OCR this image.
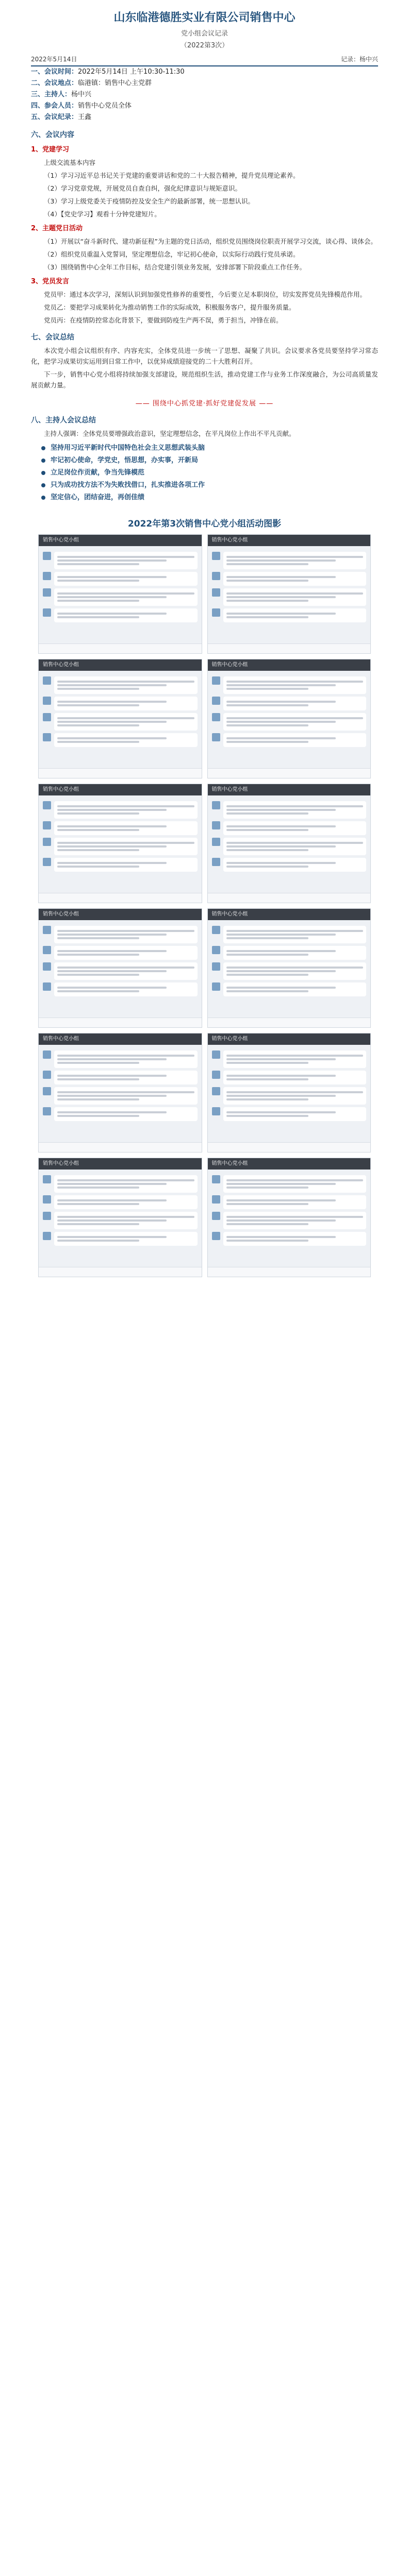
山东临港德胜实业有限公司销售中心
党小组会议记录
（2022第3次）
2022年5月14日	记录：杨中兴
一、会议时间：2022年5月14日 上午10:30-11:30
二、会议地点：临港镇：销售中心主党群
三、主持人：杨中兴
四、参会人员：销售中心党员全体
五、会议纪录：王鑫
六、会议内容
1、党建学习

上级交流基本内容

（1）学习习近平总书记关于党建的重要讲话和党的二十大报告精神，提升党员理论素养。

（2）学习党章党规，开展党员自查自纠，强化纪律意识与规矩意识。

（3）学习上级党委关于疫情防控及安全生产的最新部署，统一思想认识。

（4）【党史学习】观看十分钟党建短片。

2、主题党日活动

（1）开展以“奋斗新时代、建功新征程”为主题的党日活动，组织党员围绕岗位职责开展学习交流，谈心得、谈体会。

（2）组织党员重温入党誓词，坚定理想信念，牢记初心使命，以实际行动践行党员承诺。

（3）围绕销售中心全年工作目标，结合党建引领业务发展，安排部署下阶段重点工作任务。

3、党员发言

党员甲：通过本次学习，深刻认识到加强党性修养的重要性，今后要立足本职岗位，切实发挥党员先锋模范作用。

党员乙：要把学习成果转化为推动销售工作的实际成效，积极服务客户，提升服务质量。

党员丙：在疫情防控常态化背景下，要做到防疫生产两不误，勇于担当，冲锋在前。

七、会议总结

本次党小组会议组织有序、内容充实，全体党员进一步统一了思想、凝聚了共识。会议要求各党员要坚持学习常态化，把学习成果切实运用到日常工作中，以优异成绩迎接党的二十大胜利召开。

下一步，销售中心党小组将持续加强支部建设，规范组织生活，推动党建工作与业务工作深度融合，为公司高质量发展贡献力量。

—— 围绕中心抓党建·抓好党建促发展 ——
八、主持人会议总结

主持人强调：全体党员要增强政治意识，坚定理想信念，在平凡岗位上作出不平凡贡献。

坚持用习近平新时代中国特色社会主义思想武装头脑
牢记初心使命，学党史，悟思想，办实事，开新局
立足岗位作贡献，争当先锋模范
只为成功找方法不为失败找借口，扎实推进各项工作
坚定信心，团结奋进，再创佳绩
2022年第3次销售中心党小组活动图影
销售中心党小组	销售中心党小组
销售中心党小组	销售中心党小组
销售中心党小组	销售中心党小组
销售中心党小组	销售中心党小组
销售中心党小组	销售中心党小组
销售中心党小组	销售中心党小组
